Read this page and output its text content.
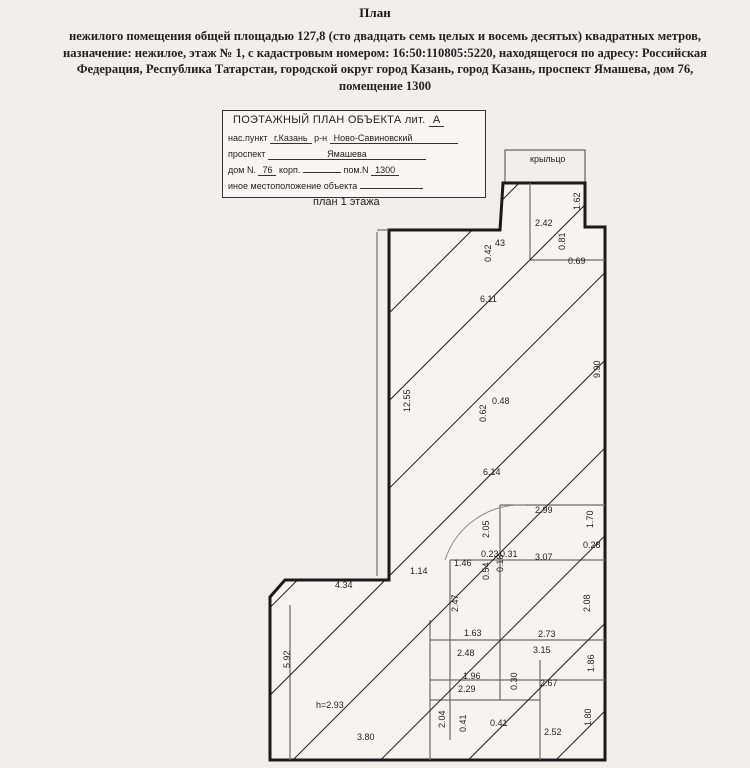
План
нежилого помещения общей площадью 127,8 (сто двадцать семь целых и восемь десятых) квадратных метров, назначение: нежилое, этаж № 1, с кадастровым номером: 16:50:110805:5220, находящегося по адресу: Российская Федерация, Республика Татарстан, городской округ город Казань, город Казань, проспект Ямашева, дом 76, помещение 1300
ПОЭТАЖНЫЙ ПЛАН ОБЪЕКТА лит. А
нас.пункт г.Казань р-н Ново-Савиновский
проспект	Ямашева
дом N. 76 корп.	пом.N 1300
иное местоположение объекта
план 1 этажа
крыльцо
2.42
1.62
0.42
43	0.81
0.69
6.11
12.55
0.62
0.48
9.90
6.14
2.99
2.05
1.70
0.28
0.23 0.31 3.07
1.46
1.14	0.54 0.18
4.34
2.47	2.08
1.63	2.73
5.92	2.48	3.15
1.86
1.96
2.67
2.29
h=2.93
2.04 0.41 0.41	1.80
3.80	2.52
0.30
